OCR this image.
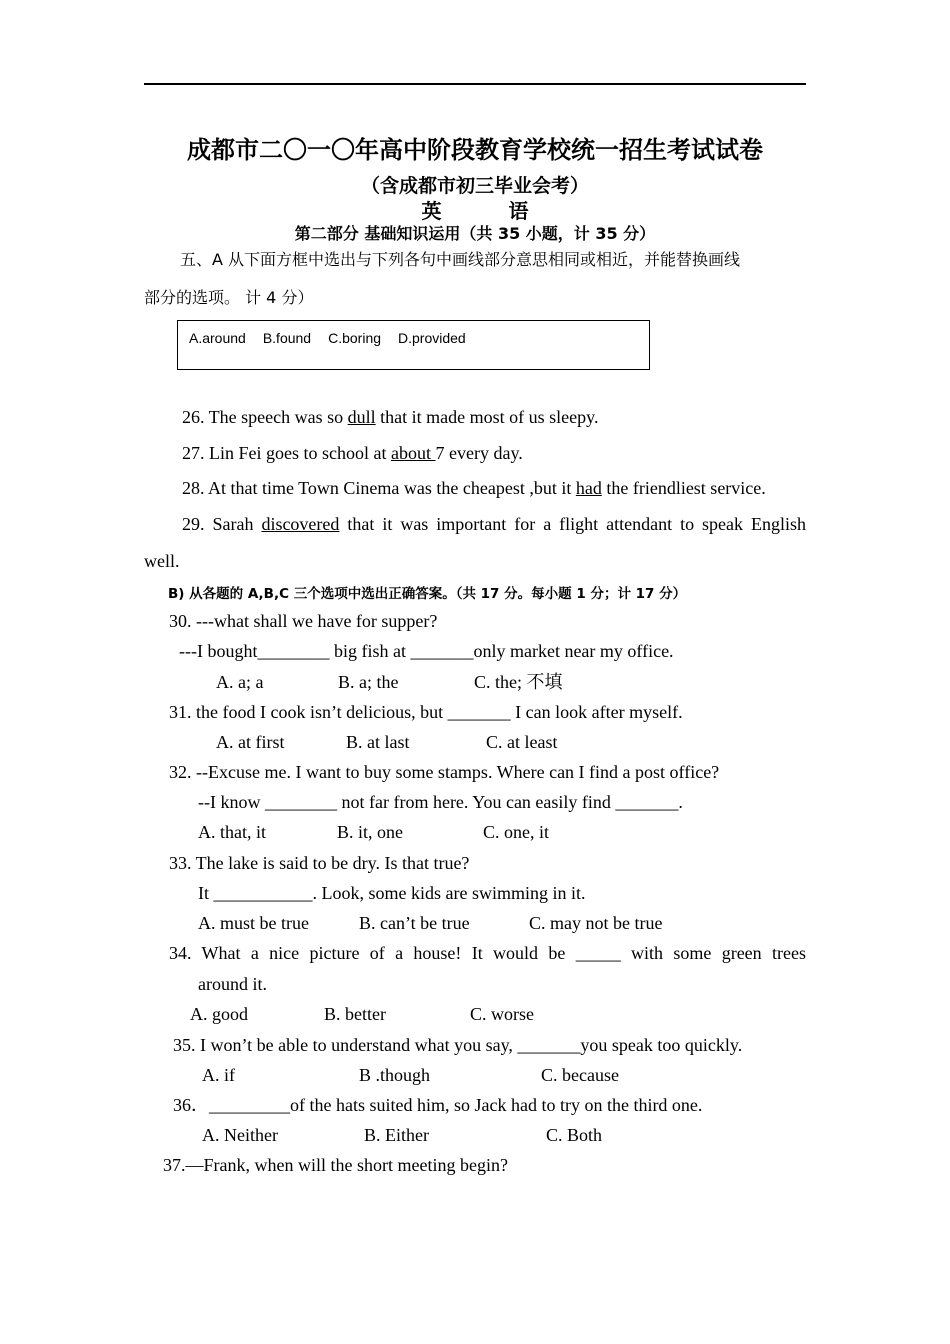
成都市二〇一〇年高中阶段教育学校统一招生考试试卷
（含成都市初三毕业会考）
英 语
第二部分 基础知识运用（共 35 小题，计 35 分）
五、A 从下面方框中选出与下列各句中画线部分意思相同或相近，并能替换画线
部分的选项。 计 4 分）
A.around B.found C.boring D.provided
26. The speech was so dull that it made most of us sleepy.
27. Lin Fei goes to school at about 7 every day.
28. At that time Town Cinema was the cheapest ,but it had the friendliest service.
29. Sarah discovered that it was important for a flight attendant to speak English
well.
B) 从各题的 A,B,C 三个选项中选出正确答案。（共 17 分。每小题 1 分；计 17 分）
30. ---what shall we have for supper?
---I bought________ big fish at _______only market near my office.
A. a; a	B. a; the	C. the; 不填
31. the food I cook isn’t delicious, but _______ I can look after myself.
A. at first	B. at last	C. at least
32. --Excuse me. I want to buy some stamps. Where can I find a post office?
--I know ________ not far from here. You can easily find _______.
A. that, it	B. it, one	C. one, it
33. The lake is said to be dry. Is that true?
It ___________. Look, some kids are swimming in it.
A. must be true	B. can’t be true	C. may not be true
34. What a nice picture of a house! It would be _____ with some green trees
around it.
A. good	B. better	C. worse
35. I won’t be able to understand what you say, _______you speak too quickly.
A. if	B .though	C. because
36．_________of the hats suited him, so Jack had to try on the third one.
A. Neither	B. Either	C. Both
37.—Frank, when will the short meeting begin?
